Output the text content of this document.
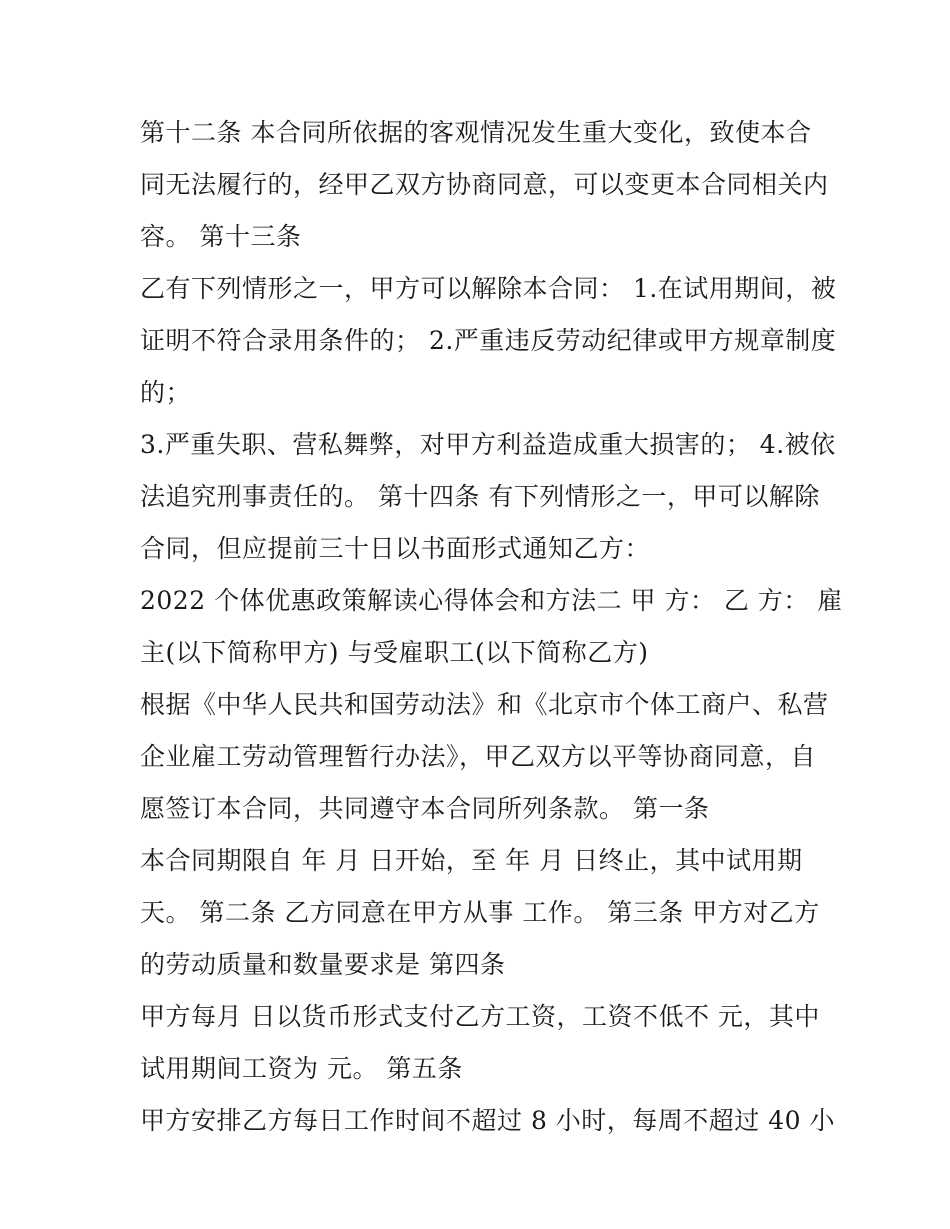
第十二条 本合同所依据的客观情况发生重大变化，致使本合
同无法履行的，经甲乙双方协商同意，可以变更本合同相关内
容。 第十三条
乙有下列情形之一，甲方可以解除本合同： 1.在试用期间，被
证明不符合录用条件的； 2.严重违反劳动纪律或甲方规章制度
的；
3.严重失职、营私舞弊，对甲方利益造成重大损害的； 4.被依
法追究刑事责任的。 第十四条 有下列情形之一，甲可以解除
合同，但应提前三十日以书面形式通知乙方：
2022 个体优惠政策解读心得体会和方法二 甲 方： 乙 方： 雇
主(以下简称甲方) 与受雇职工(以下简称乙方)
根据《中华人民共和国劳动法》和《北京市个体工商户、私营
企业雇工劳动管理暂行办法》，甲乙双方以平等协商同意，自
愿签订本合同，共同遵守本合同所列条款。 第一条
本合同期限自 年 月 日开始，至 年 月 日终止，其中试用期
天。 第二条 乙方同意在甲方从事 工作。 第三条 甲方对乙方
的劳动质量和数量要求是 第四条
甲方每月 日以货币形式支付乙方工资，工资不低不 元，其中
试用期间工资为 元。 第五条
甲方安排乙方每日工作时间不超过 8 小时，每周不超过 40 小
